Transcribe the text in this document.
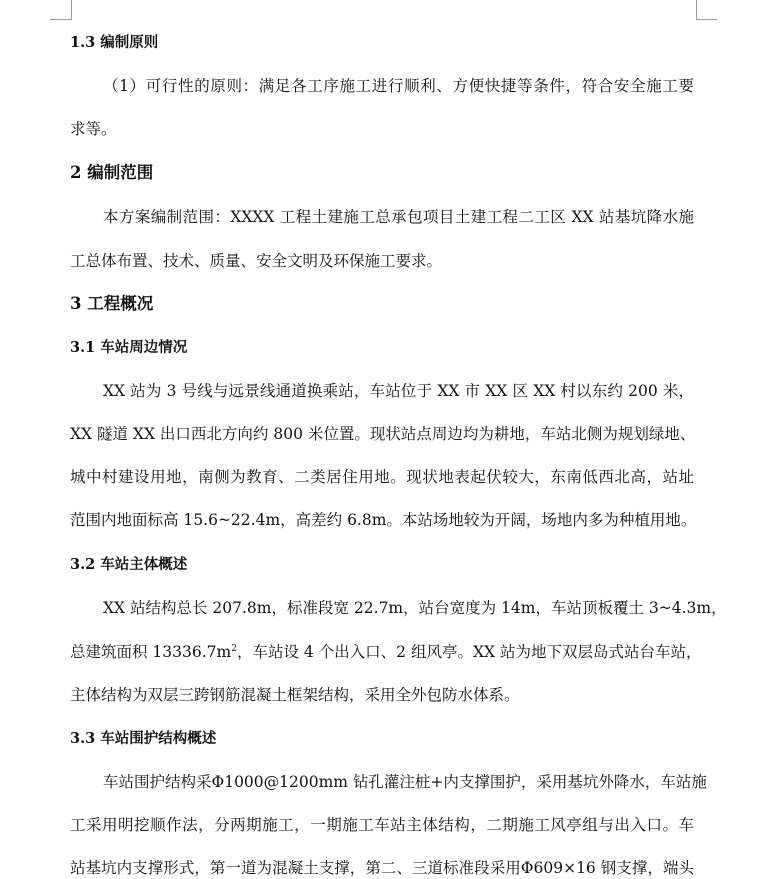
1.3 编制原则
（1）可行性的原则：满足各工序施工进行顺利、方便快捷等条件，符合安全施工要
求等。
2 编制范围
本方案编制范围：XXXX 工程土建施工总承包项目土建工程二工区 XX 站基坑降水施
工总体布置、技术、质量、安全文明及环保施工要求。
3 工程概况
3.1 车站周边情况
XX 站为 3 号线与远景线通道换乘站，车站位于 XX 市 XX 区 XX 村以东约 200 米，
XX 隧道 XX 出口西北方向约 800 米位置。现状站点周边均为耕地，车站北侧为规划绿地、
城中村建设用地，南侧为教育、二类居住用地。现状地表起伏较大，东南低西北高，站址
范围内地面标高 15.6~22.4m，高差约 6.8m。本站场地较为开阔，场地内多为种植用地。
3.2 车站主体概述
XX 站结构总长 207.8m，标准段宽 22.7m，站台宽度为 14m，车站顶板覆土 3~4.3m，
总建筑面积 $13336.7m^2$，车站设 4 个出入口、2 组风亭。XX 站为地下双层岛式站台车站，
主体结构为双层三跨钢筋混凝土框架结构，采用全外包防水体系。
3.3 车站围护结构概述
车站围护结构采Φ1000@1200mm 钻孔灌注桩+内支撑围护，采用基坑外降水，车站施
工采用明挖顺作法，分两期施工，一期施工车站主体结构，二期施工风亭组与出入口。车
站基坑内支撑形式，第一道为混凝土支撑，第二、三道标准段采用Φ609×16 钢支撑，端头
